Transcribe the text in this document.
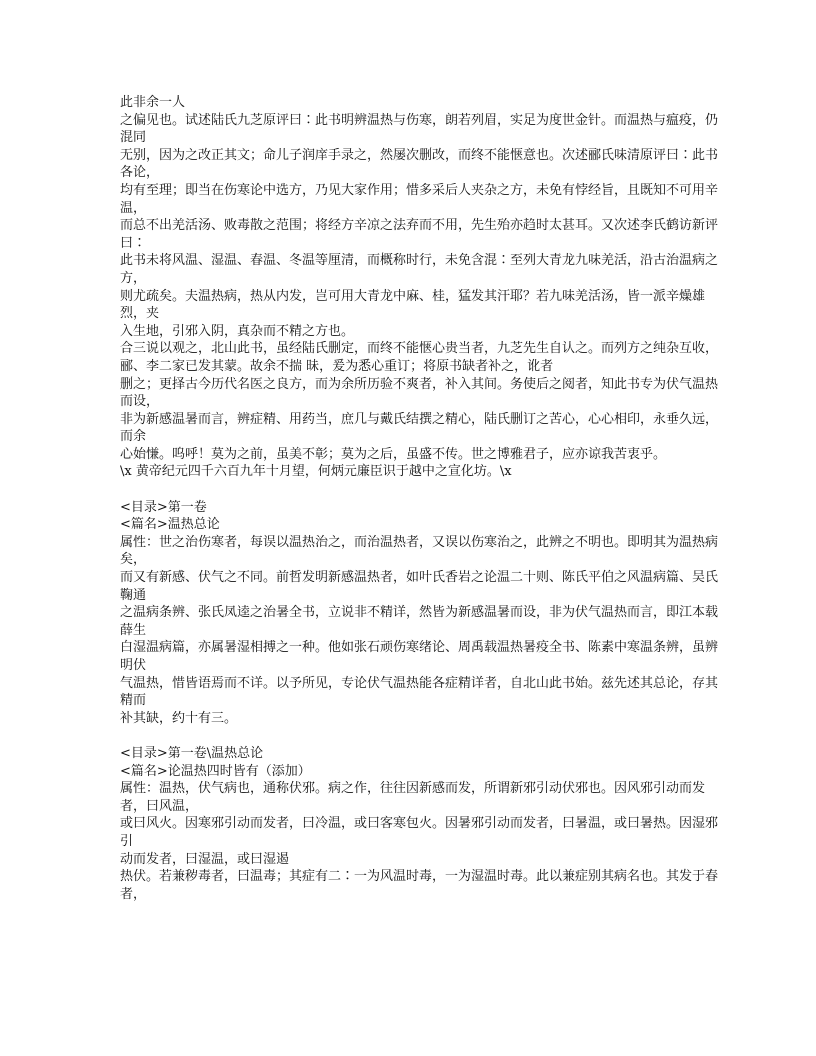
此非余一人

之偏见也。试述陆氏九芝原评曰∶此书明辨温热与伤寒，朗若列眉，实足为度世金针。而温热与瘟疫，仍混同

无别，因为之改正其文；命儿子润庠手录之，然屡次删改，而终不能惬意也。次述郦氏味清原评曰∶此书各论，

均有至理；即当在伤寒论中选方，乃见大家作用；惜多采后人夹杂之方，未免有悖经旨，且既知不可用辛温，

而总不出羌活汤、败毒散之范围；将经方辛凉之法弃而不用，先生殆亦趋时太甚耳。又次述李氏鹤访新评曰∶

此书未将风温、湿温、春温、冬温等厘清，而概称时行，未免含混∶至列大青龙九味羌活，沿古治温病之方，

则尤疏矣。夫温热病，热从内发，岂可用大青龙中麻、桂，猛发其汗耶？若九味羌活汤，皆一派辛燥雄烈，夹

入生地，引邪入阴，真杂而不精之方也。

合三说以观之，北山此书，虽经陆氏删定，而终不能惬心贵当者，九芝先生自认之。而列方之纯杂互收，

郦、李二家已发其蒙。故余不揣 昧，爰为悉心重订；将原书缺者补之，讹者

删之；更择古今历代名医之良方，而为余所历验不爽者，补入其间。务使后之阅者，知此书专为伏气温热而设，

非为新感温暑而言，辨症精、用药当，庶几与戴氏结撰之精心，陆氏删订之苦心，心心相印，永垂久远，而余

心始慊。呜呼！莫为之前，虽美不彰；莫为之后，虽盛不传。世之博雅君子，应亦谅我苦衷乎。

\x 黄帝纪元四千六百九年十月望，何炳元廉臣识于越中之宣化坊。\x

<目录>第一卷

<篇名>温热总论

属性：世之治伤寒者，每误以温热治之，而治温热者，又误以伤寒治之，此辨之不明也。即明其为温热病矣，

而又有新感、伏气之不同。前哲发明新感温热者，如叶氏香岩之论温二十则、陈氏平伯之风温病篇、吴氏鞠通

之温病条辨、张氏凤逵之治暑全书，立说非不精详，然皆为新感温暑而设，非为伏气温热而言，即江本载薛生

白湿温病篇，亦属暑湿相搏之一种。他如张石顽伤寒绪论、周禹载温热暑疫全书、陈素中寒温条辨，虽辨明伏

气温热，惜皆语焉而不详。以予所见，专论伏气温热能各症精详者，自北山此书始。兹先述其总论，存其精而

补其缺，约十有三。

<目录>第一卷\温热总论

<篇名>论温热四时皆有（添加）

属性：温热，伏气病也，通称伏邪。病之作，往往因新感而发，所谓新邪引动伏邪也。因风邪引动而发者，曰风温，

或曰风火。因寒邪引动而发者，曰冷温，或曰客寒包火。因暑邪引动而发者，曰暑温，或曰暑热。因湿邪引

动而发者，曰湿温，或曰湿遏

热伏。若兼秽毒者，曰温毒；其症有二∶一为风温时毒，一为湿温时毒。此以兼症别其病名也。其发于春者，
